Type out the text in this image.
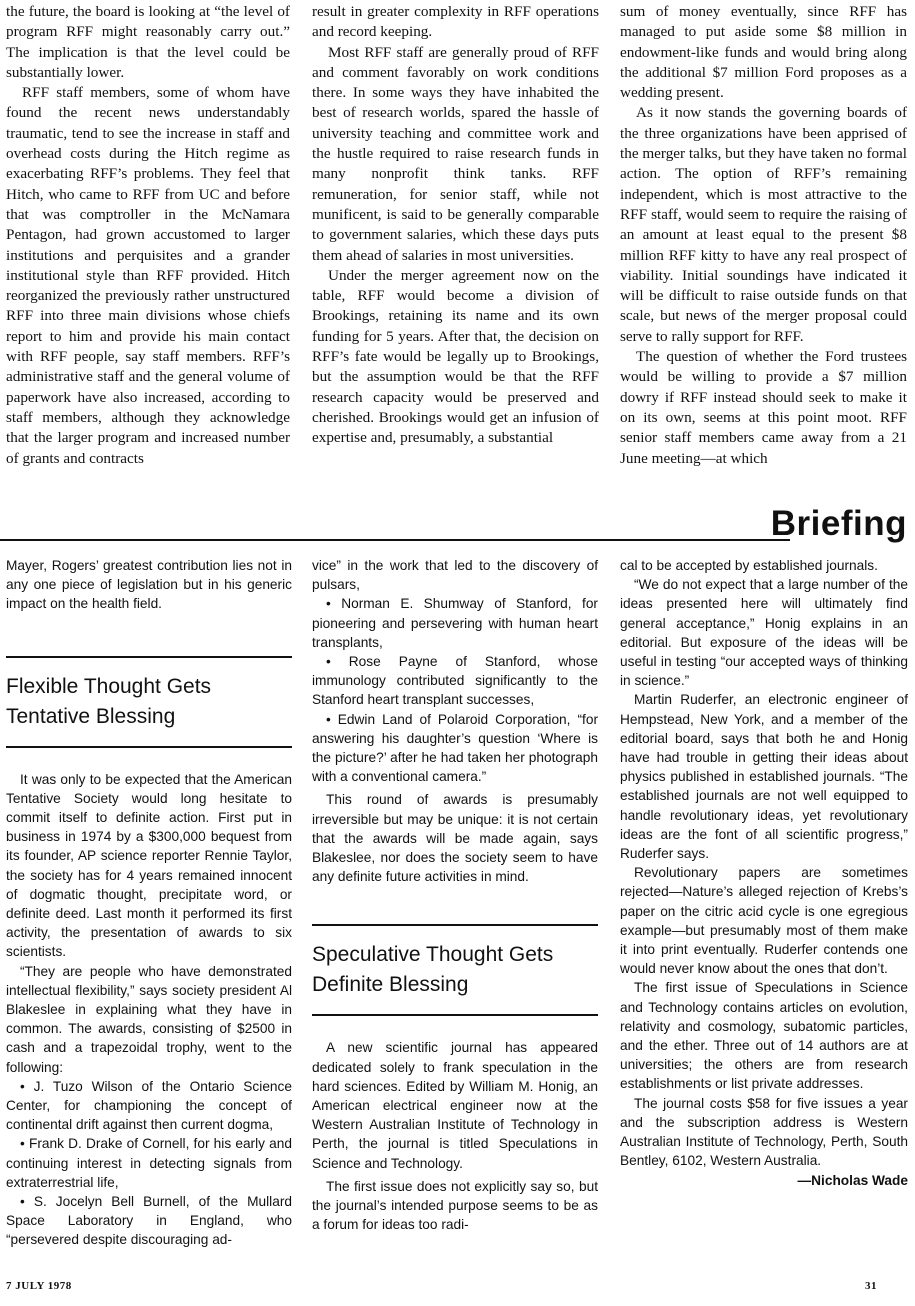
the future, the board is looking at “the level of program RFF might reasonably carry out.” The implication is that the level could be substantially lower.

RFF staff members, some of whom have found the recent news understandably traumatic, tend to see the increase in staff and overhead costs during the Hitch regime as exacerbating RFF’s problems. They feel that Hitch, who came to RFF from UC and before that was comptroller in the McNamara Pentagon, had grown accustomed to larger institutions and perquisites and a grander institutional style than RFF provided. Hitch reorganized the previously rather unstructured RFF into three main divisions whose chiefs report to him and provide his main contact with RFF people, say staff members. RFF’s administrative staff and the general volume of paperwork have also increased, according to staff members, although they acknowledge that the larger program and increased number of grants and contracts

result in greater complexity in RFF operations and record keeping.

Most RFF staff are generally proud of RFF and comment favorably on work conditions there. In some ways they have inhabited the best of research worlds, spared the hassle of university teaching and committee work and the hustle required to raise research funds in many nonprofit think tanks. RFF remuneration, for senior staff, while not munificent, is said to be generally comparable to government salaries, which these days puts them ahead of salaries in most universities.

Under the merger agreement now on the table, RFF would become a division of Brookings, retaining its name and its own funding for 5 years. After that, the decision on RFF’s fate would be legally up to Brookings, but the assumption would be that the RFF research capacity would be preserved and cherished. Brookings would get an infusion of expertise and, presumably, a substantial

sum of money eventually, since RFF has managed to put aside some $8 million in endowment-like funds and would bring along the additional $7 million Ford proposes as a wedding present.

As it now stands the governing boards of the three organizations have been apprised of the merger talks, but they have taken no formal action. The option of RFF’s remaining independent, which is most attractive to the RFF staff, would seem to require the raising of an amount at least equal to the present $8 million RFF kitty to have any real prospect of viability. Initial soundings have indicated it will be difficult to raise outside funds on that scale, but news of the merger proposal could serve to rally support for RFF.

The question of whether the Ford trustees would be willing to provide a $7 million dowry if RFF instead should seek to make it on its own, seems at this point moot. RFF senior staff members came away from a 21 June meeting—at which

Briefing

Mayer, Rogers’ greatest contribution lies not in any one piece of legislation but in his generic impact on the health field.

Flexible Thought Gets Tentative Blessing

It was only to be expected that the American Tentative Society would long hesitate to commit itself to definite action. First put in business in 1974 by a $300,000 bequest from its founder, AP science reporter Rennie Taylor, the society has for 4 years remained innocent of dogmatic thought, precipitate word, or definite deed. Last month it performed its first activity, the presentation of awards to six scientists.

“They are people who have demonstrated intellectual flexibility,” says society president Al Blakeslee in explaining what they have in common. The awards, consisting of $2500 in cash and a trapezoidal trophy, went to the following:

• J. Tuzo Wilson of the Ontario Science Center, for championing the concept of continental drift against then current dogma,

• Frank D. Drake of Cornell, for his early and continuing interest in detecting signals from extraterrestrial life,

• S. Jocelyn Bell Burnell, of the Mullard Space Laboratory in England, who “persevered despite discouraging ad-

vice” in the work that led to the discovery of pulsars,

• Norman E. Shumway of Stanford, for pioneering and persevering with human heart transplants,

• Rose Payne of Stanford, whose immunology contributed significantly to the Stanford heart transplant successes,

• Edwin Land of Polaroid Corporation, “for answering his daughter’s question ‘Where is the picture?’ after he had taken her photograph with a conventional camera.”

This round of awards is presumably irreversible but may be unique: it is not certain that the awards will be made again, says Blakeslee, nor does the society seem to have any definite future activities in mind.

Speculative Thought Gets Definite Blessing

A new scientific journal has appeared dedicated solely to frank speculation in the hard sciences. Edited by William M. Honig, an American electrical engineer now at the Western Australian Institute of Technology in Perth, the journal is titled Speculations in Science and Technology.

The first issue does not explicitly say so, but the journal’s intended purpose seems to be as a forum for ideas too radi-

cal to be accepted by established journals.

“We do not expect that a large number of the ideas presented here will ultimately find general acceptance,” Honig explains in an editorial. But exposure of the ideas will be useful in testing “our accepted ways of thinking in science.”

Martin Ruderfer, an electronic engineer of Hempstead, New York, and a member of the editorial board, says that both he and Honig have had trouble in getting their ideas about physics published in established journals. “The established journals are not well equipped to handle revolutionary ideas, yet revolutionary ideas are the font of all scientific progress,” Ruderfer says.

Revolutionary papers are sometimes rejected—Nature’s alleged rejection of Krebs’s paper on the citric acid cycle is one egregious example—but presumably most of them make it into print eventually. Ruderfer contends one would never know about the ones that don’t.

The first issue of Speculations in Science and Technology contains articles on evolution, relativity and cosmology, subatomic particles, and the ether. Three out of 14 authors are at universities; the others are from research establishments or list private addresses.

The journal costs $58 for five issues a year and the subscription address is Western Australian Institute of Technology, Perth, South Bentley, 6102, Western Australia.

—Nicholas Wade

7 JULY 1978	31
